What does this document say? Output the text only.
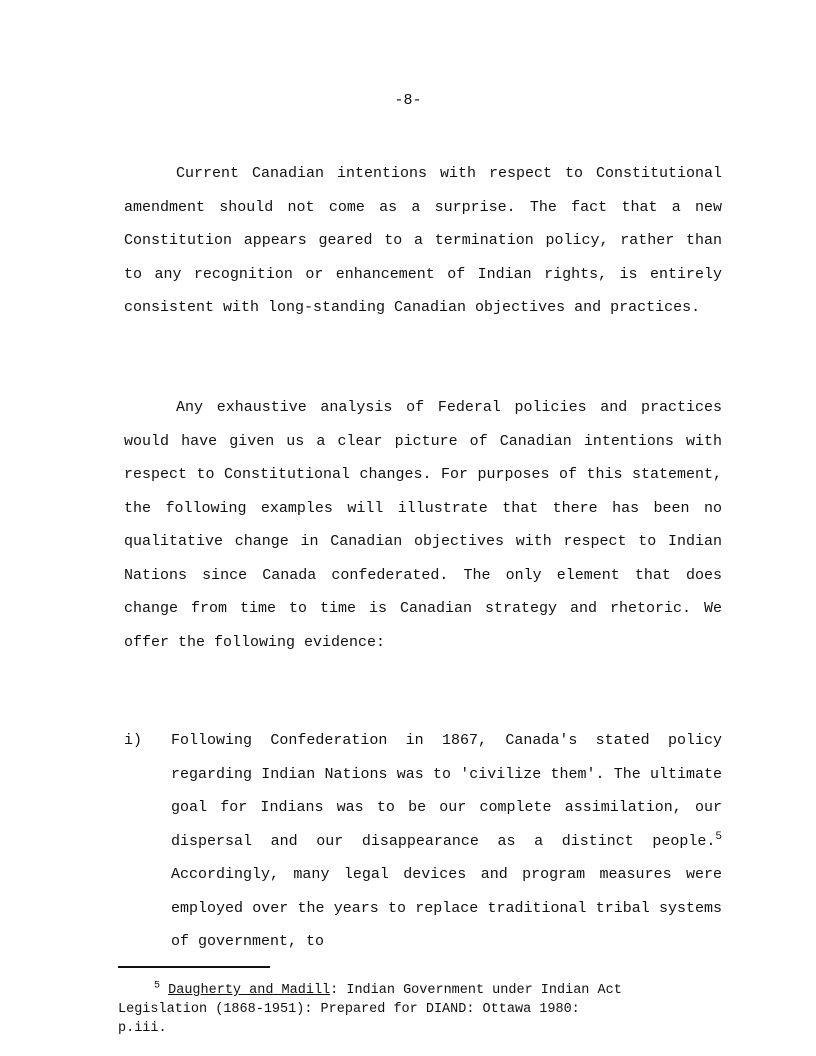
-8-

Current Canadian intentions with respect to Constitutional amendment should not come as a surprise. The fact that a new Constitution appears geared to a termination policy, rather than to any recognition or enhancement of Indian rights, is entirely consistent with long-standing Canadian objectives and practices.

Any exhaustive analysis of Federal policies and practices would have given us a clear picture of Canadian intentions with respect to Constitutional changes. For purposes of this statement, the following examples will illustrate that there has been no qualitative change in Canadian objectives with respect to Indian Nations since Canada confederated. The only element that does change from time to time is Canadian strategy and rhetoric. We offer the following evidence:

i) Following Confederation in 1867, Canada's stated policy regarding Indian Nations was to 'civilize them'. The ultimate goal for Indians was to be our complete assimilation, our dispersal and our disappearance as a distinct people.$^5$ Accordingly, many legal devices and program measures were employed over the years to replace traditional tribal systems of government, to

$^5$ Daugherty and Madill: Indian Government under Indian Act Legislation (1868-1951): Prepared for DIAND: Ottawa 1980: p.iii.
